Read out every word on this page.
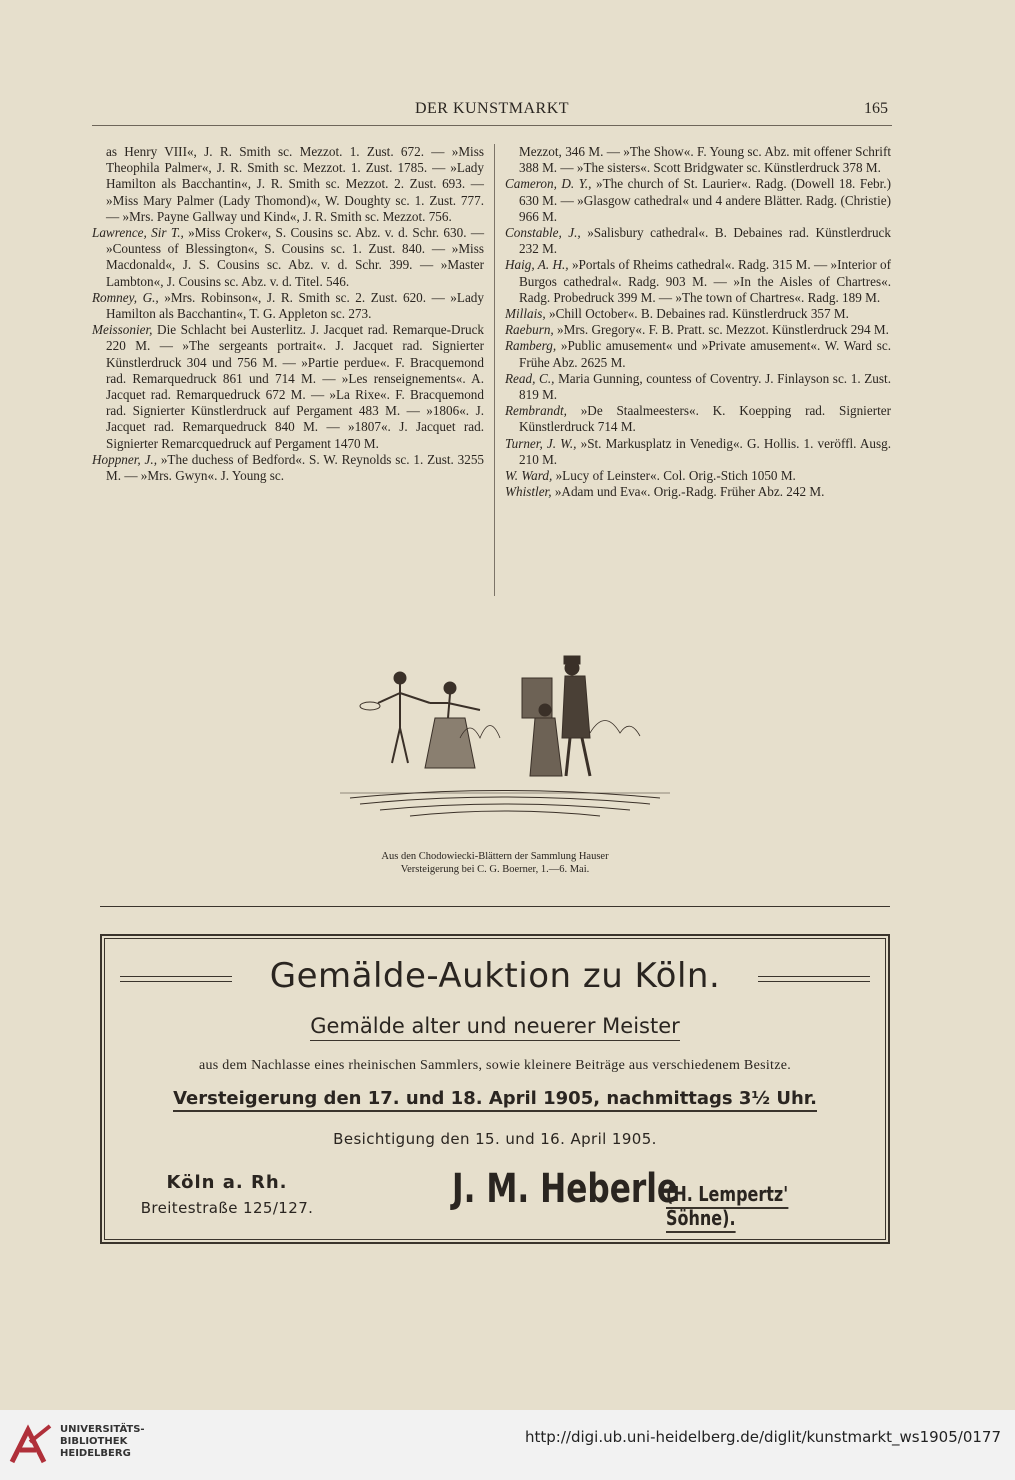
DER KUNSTMARKT	165
as Henry VIII«, J. R. Smith sc. Mezzot. 1. Zust. 672. — »Miss Theophila Palmer«, J. R. Smith sc. Mezzot. 1. Zust. 1785. — »Lady Hamilton als Bacchantin«, J. R. Smith sc. Mezzot. 2. Zust. 693. — »Miss Mary Palmer (Lady Thomond)«, W. Doughty sc. 1. Zust. 777. — »Mrs. Payne Gallway und Kind«, J. R. Smith sc. Mezzot. 756.
Lawrence, Sir T., »Miss Croker«, S. Cousins sc. Abz. v. d. Schr. 630. — »Countess of Blessington«, S. Cousins sc. 1. Zust. 840. — »Miss Macdonald«, J. S. Cousins sc. Abz. v. d. Schr. 399. — »Master Lambton«, J. Cousins sc. Abz. v. d. Titel. 546.
Romney, G., »Mrs. Robinson«, J. R. Smith sc. 2. Zust. 620. — »Lady Hamilton als Bacchantin«, T. G. Appleton sc. 273.
Meissonier, Die Schlacht bei Austerlitz. J. Jacquet rad. Remarque-Druck 220 M. — »The sergeants portrait«. J. Jacquet rad. Signierter Künstlerdruck 304 und 756 M. — »Partie perdue«. F. Bracquemond rad. Remarquedruck 861 und 714 M. — »Les renseignements«. A. Jacquet rad. Remarquedruck 672 M. — »La Rixe«. F. Bracquemond rad. Signierter Künstlerdruck auf Pergament 483 M. — »1806«. J. Jacquet rad. Remarquedruck 840 M. — »1807«. J. Jacquet rad. Signierter Remarcquedruck auf Pergament 1470 M.
Hoppner, J., »The duchess of Bedford«. S. W. Reynolds sc. 1. Zust. 3255 M. — »Mrs. Gwyn«. J. Young sc.
Mezzot, 346 M. — »The Show«. F. Young sc. Abz. mit offener Schrift 388 M. — »The sisters«. Scott Bridgwater sc. Künstlerdruck 378 M.
Cameron, D. Y., »The church of St. Laurier«. Radg. (Dowell 18. Febr.) 630 M. — »Glasgow cathedral« und 4 andere Blätter. Radg. (Christie) 966 M.
Constable, J., »Salisbury cathedral«. B. Debaines rad. Künstlerdruck 232 M.
Haig, A. H., »Portals of Rheims cathedral«. Radg. 315 M. — »Interior of Burgos cathedral«. Radg. 903 M. — »In the Aisles of Chartres«. Radg. Probedruck 399 M. — »The town of Chartres«. Radg. 189 M.
Millais, »Chill October«. B. Debaines rad. Künstlerdruck 357 M.
Raeburn, »Mrs. Gregory«. F. B. Pratt. sc. Mezzot. Künstlerdruck 294 M.
Ramberg, »Public amusement« und »Private amusement«. W. Ward sc. Frühe Abz. 2625 M.
Read, C., Maria Gunning, countess of Coventry. J. Finlayson sc. 1. Zust. 819 M.
Rembrandt, »De Staalmeesters«. K. Koepping rad. Signierter Künstlerdruck 714 M.
Turner, J. W., »St. Markusplatz in Venedig«. G. Hollis. 1. veröffl. Ausg. 210 M.
W. Ward, »Lucy of Leinster«. Col. Orig.-Stich 1050 M.
Whistler, »Adam und Eva«. Orig.-Radg. Früher Abz. 242 M.
Aus den Chodowiecki-Blättern der Sammlung Hauser
Versteigerung bei C. G. Boerner, 1.—6. Mai.
Gemälde-Auktion zu Köln.
Gemälde alter und neuerer Meister
aus dem Nachlasse eines rheinischen Sammlers, sowie kleinere Beiträge aus verschiedenem Besitze.
Versteigerung den 17. und 18. April 1905, nachmittags 3½ Uhr.
Besichtigung den 15. und 16. April 1905.
Köln a. Rh.
Breitestraße 125/127.	J. M. Heberle
(H. Lempertz' Söhne).
UNIVERSITÄTS-
BIBLIOTHEK
HEIDELBERG
http://digi.ub.uni-heidelberg.de/diglit/kunstmarkt_ws1905/0177
